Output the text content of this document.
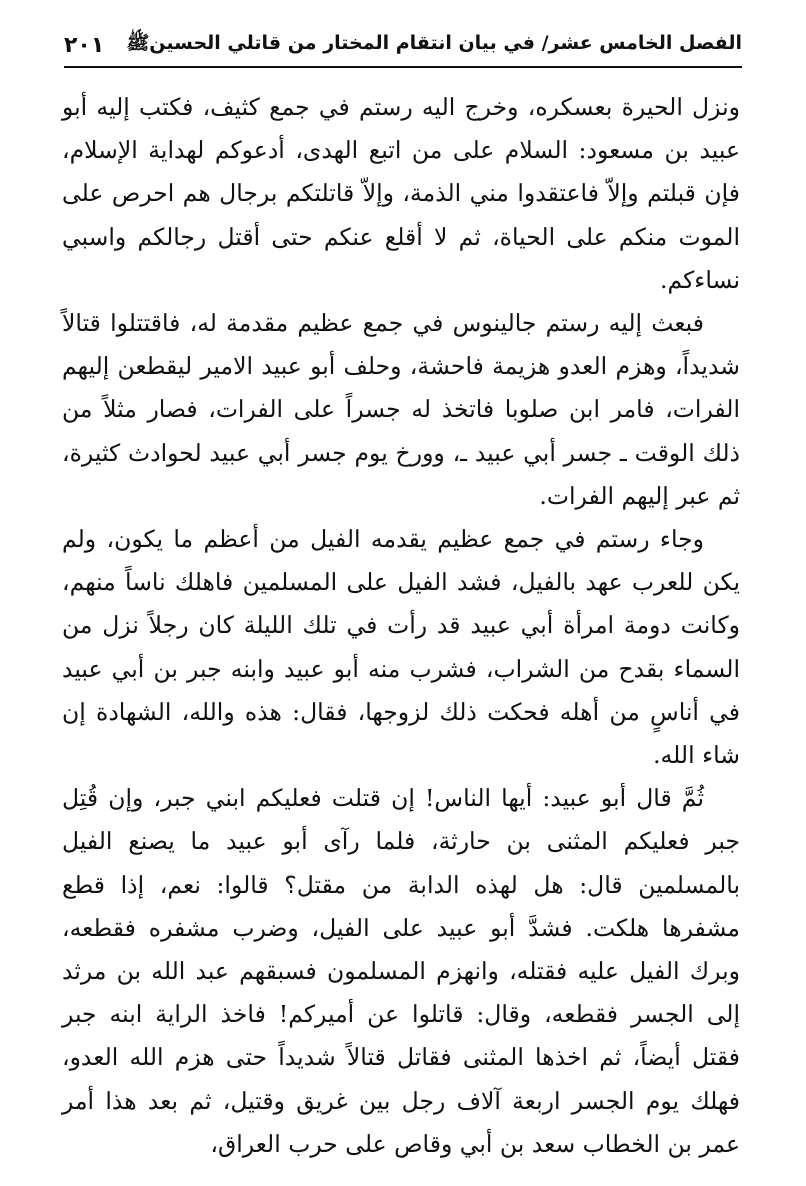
الفصل الخامس عشر/ في بيان انتقام المختار من قاتلي الحسينﷺ
٢٠١

ونزل الحيرة بعسكره، وخرج اليه رستم في جمع كثيف، فكتب إليه أبو عبيد بن مسعود: السلام على من اتبع الهدى، أدعوكم لهداية الإسلام، فإن قبلتم وإلاّ فاعتقدوا مني الذمة، وإلاّ قاتلتكم برجال هم احرص على الموت منكم على الحياة، ثم لا أقلع عنكم حتى أقتل رجالكم واسبي نساءكم.

فبعث إليه رستم جالينوس في جمع عظيم مقدمة له، فاقتتلوا قتالاً شديداً، وهزم العدو هزيمة فاحشة، وحلف أبو عبيد الامير ليقطعن إليهم الفرات، فامر ابن صلوبا فاتخذ له جسراً على الفرات، فصار مثلاً من ذلك الوقت ـ جسر أبي عبيد ـ، وورخ يوم جسر أبي عبيد لحوادث كثيرة، ثم عبر إليهم الفرات.

وجاء رستم في جمع عظيم يقدمه الفيل من أعظم ما يكون، ولم يكن للعرب عهد بالفيل، فشد الفيل على المسلمين فاهلك ناساً منهم، وكانت دومة امرأة أبي عبيد قد رأت في تلك الليلة كان رجلاً نزل من السماء بقدح من الشراب، فشرب منه أبو عبيد وابنه جبر بن أبي عبيد في أناسٍ من أهله فحكت ذلك لزوجها، فقال: هذه والله، الشهادة إن شاء الله.

ثُمَّ قال أبو عبيد: أيها الناس! إن قتلت فعليكم ابني جبر، وإن قُتِل جبر فعليكم المثنى بن حارثة، فلما رآى أبو عبيد ما يصنع الفيل بالمسلمين قال: هل لهذه الدابة من مقتل؟ قالوا: نعم، إذا قطع مشفرها هلكت. فشدَّ أبو عبيد على الفيل، وضرب مشفره فقطعه، وبرك الفيل عليه فقتله، وانهزم المسلمون فسبقهم عبد الله بن مرثد إلى الجسر فقطعه، وقال: قاتلوا عن أميركم! فاخذ الراية ابنه جبر فقتل أيضاً، ثم اخذها المثنى فقاتل قتالاً شديداً حتى هزم الله العدو، فهلك يوم الجسر اربعة آلاف رجل بين غريق وقتيل، ثم بعد هذا أمر عمر بن الخطاب سعد بن أبي وقاص على حرب العراق،
